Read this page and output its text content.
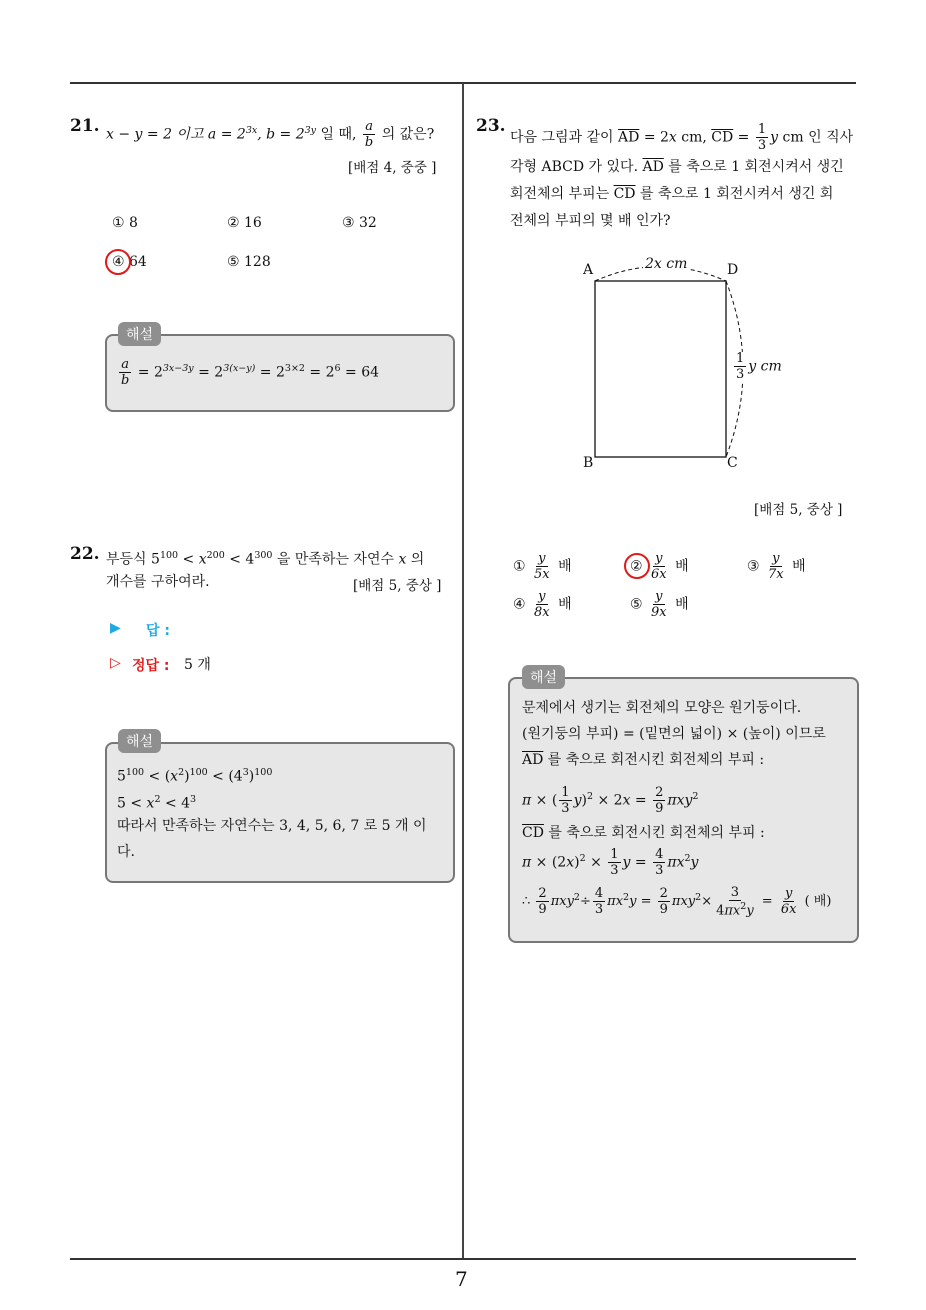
21. x − y = 2 이고 $a = 2^{3x}$, $b = 2^{3y}$ 일 때, $\frac{a}{b}$ 의 값은?
[배점 4, 중중 ]
① 8	② 16	③ 32
④ 64	⑤ 128
해설
$\frac{a}{b} = 2^{3x-3y} = 2^{3(x-y)} = 2^{3\times 2} = 2^6 = 64$
22. 부등식 $5^{100} < x^{200} < 4^{300}$ 을 만족하는 자연수 x 의
개수를 구하여라.	[배점 5, 중상 ]
▶ 답 :
▷ 정답 : 5 개
해설
$5^{100} < (x^2)^{100} < (4^3)^{100}$
$5 < x^2 < 4^3$
따라서 만족하는 자연수는 3, 4, 5, 6, 7 로 5 개 이
다.
23.
다음 그림과 같이 $\overline{AD} = 2x$ cm, $\overline{CD} = \frac{1}{3}$ y cm 인 직사
각형 ABCD 가 있다. $\overline{AD}$ 를 축으로 1 회전시켜서 생긴
회전체의 부피는 $\overline{CD}$ 를 축으로 1 회전시켜서 생긴 회
전체의 부피의 몇 배 인가?
A	D
B	C
2x cm
$\frac{1}{3}$ y cm
[배점 5, 중상 ]
① $\frac{y}{5x}$ 배	② $\frac{y}{6x}$ 배	③ $\frac{y}{7x}$ 배
④ $\frac{y}{8x}$ 배	⑤ $\frac{y}{9x}$ 배
해설
문제에서 생기는 회전체의 모양은 원기둥이다.
(원기둥의 부피) = (밑면의 넓이) × (높이) 이므로
$\overline{AD}$ 를 축으로 회전시킨 회전체의 부피 :
π × ( $\frac{1}{3} y)^2 \times 2x = \frac{2}{9} \pi xy^2$
$\overline{CD}$ 를 축으로 회전시킨 회전체의 부피 :
$\pi \times (2x)^2 \times \frac{1}{3}$ $y = \frac{4}{3} \pi x^2y$
∴ $\frac{2}{9} \pi xy^2\div \frac{4}{3} \pi x^2y = \frac{2}{9} \pi xy^2\times \frac{3}{4\pi x^2y} = \frac{y}{6x}$ ( 배)
7
